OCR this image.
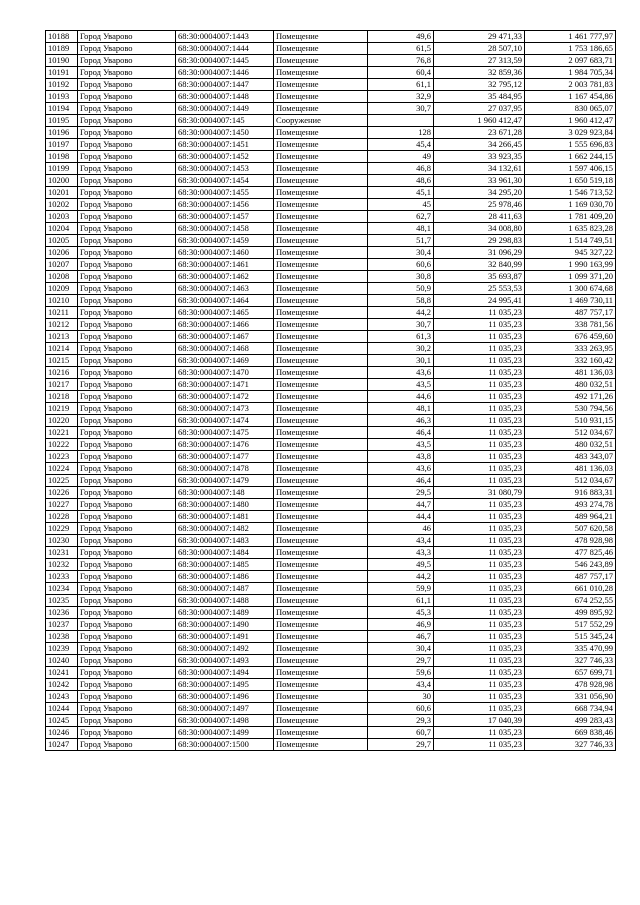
10188	Город Уварово	68:30:0004007:1443	Помещение	49,6	29 471,33	1 461 777,97
10189	Город Уварово	68:30:0004007:1444	Помещение	61,5	28 507,10	1 753 186,65
10190	Город Уварово	68:30:0004007:1445	Помещение	76,8	27 313,59	2 097 683,71
10191	Город Уварово	68:30:0004007:1446	Помещение	60,4	32 859,36	1 984 705,34
10192	Город Уварово	68:30:0004007:1447	Помещение	61,1	32 795,12	2 003 781,83
10193	Город Уварово	68:30:0004007:1448	Помещение	32,9	35 484,95	1 167 454,86
10194	Город Уварово	68:30:0004007:1449	Помещение	30,7	27 037,95	830 065,07
10195	Город Уварово	68:30:0004007:145	Сооружение		1 960 412,47	1 960 412,47
10196	Город Уварово	68:30:0004007:1450	Помещение	128	23 671,28	3 029 923,84
10197	Город Уварово	68:30:0004007:1451	Помещение	45,4	34 266,45	1 555 696,83
10198	Город Уварово	68:30:0004007:1452	Помещение	49	33 923,35	1 662 244,15
10199	Город Уварово	68:30:0004007:1453	Помещение	46,8	34 132,61	1 597 406,15
10200	Город Уварово	68:30:0004007:1454	Помещение	48,6	33 961,30	1 650 519,18
10201	Город Уварово	68:30:0004007:1455	Помещение	45,1	34 295,20	1 546 713,52
10202	Город Уварово	68:30:0004007:1456	Помещение	45	25 978,46	1 169 030,70
10203	Город Уварово	68:30:0004007:1457	Помещение	62,7	28 411,63	1 781 409,20
10204	Город Уварово	68:30:0004007:1458	Помещение	48,1	34 008,80	1 635 823,28
10205	Город Уварово	68:30:0004007:1459	Помещение	51,7	29 298,83	1 514 749,51
10206	Город Уварово	68:30:0004007:1460	Помещение	30,4	31 096,29	945 327,22
10207	Город Уварово	68:30:0004007:1461	Помещение	60,6	32 840,99	1 990 163,99
10208	Город Уварово	68:30:0004007:1462	Помещение	30,8	35 693,87	1 099 371,20
10209	Город Уварово	68:30:0004007:1463	Помещение	50,9	25 553,53	1 300 674,68
10210	Город Уварово	68:30:0004007:1464	Помещение	58,8	24 995,41	1 469 730,11
10211	Город Уварово	68:30:0004007:1465	Помещение	44,2	11 035,23	487 757,17
10212	Город Уварово	68:30:0004007:1466	Помещение	30,7	11 035,23	338 781,56
10213	Город Уварово	68:30:0004007:1467	Помещение	61,3	11 035,23	676 459,60
10214	Город Уварово	68:30:0004007:1468	Помещение	30,2	11 035,23	333 263,95
10215	Город Уварово	68:30:0004007:1469	Помещение	30,1	11 035,23	332 160,42
10216	Город Уварово	68:30:0004007:1470	Помещение	43,6	11 035,23	481 136,03
10217	Город Уварово	68:30:0004007:1471	Помещение	43,5	11 035,23	480 032,51
10218	Город Уварово	68:30:0004007:1472	Помещение	44,6	11 035,23	492 171,26
10219	Город Уварово	68:30:0004007:1473	Помещение	48,1	11 035,23	530 794,56
10220	Город Уварово	68:30:0004007:1474	Помещение	46,3	11 035,23	510 931,15
10221	Город Уварово	68:30:0004007:1475	Помещение	46,4	11 035,23	512 034,67
10222	Город Уварово	68:30:0004007:1476	Помещение	43,5	11 035,23	480 032,51
10223	Город Уварово	68:30:0004007:1477	Помещение	43,8	11 035,23	483 343,07
10224	Город Уварово	68:30:0004007:1478	Помещение	43,6	11 035,23	481 136,03
10225	Город Уварово	68:30:0004007:1479	Помещение	46,4	11 035,23	512 034,67
10226	Город Уварово	68:30:0004007:148	Помещение	29,5	31 080,79	916 883,31
10227	Город Уварово	68:30:0004007:1480	Помещение	44,7	11 035,23	493 274,78
10228	Город Уварово	68:30:0004007:1481	Помещение	44,4	11 035,23	489 964,21
10229	Город Уварово	68:30:0004007:1482	Помещение	46	11 035,23	507 620,58
10230	Город Уварово	68:30:0004007:1483	Помещение	43,4	11 035,23	478 928,98
10231	Город Уварово	68:30:0004007:1484	Помещение	43,3	11 035,23	477 825,46
10232	Город Уварово	68:30:0004007:1485	Помещение	49,5	11 035,23	546 243,89
10233	Город Уварово	68:30:0004007:1486	Помещение	44,2	11 035,23	487 757,17
10234	Город Уварово	68:30:0004007:1487	Помещение	59,9	11 035,23	661 010,28
10235	Город Уварово	68:30:0004007:1488	Помещение	61,1	11 035,23	674 252,55
10236	Город Уварово	68:30:0004007:1489	Помещение	45,3	11 035,23	499 895,92
10237	Город Уварово	68:30:0004007:1490	Помещение	46,9	11 035,23	517 552,29
10238	Город Уварово	68:30:0004007:1491	Помещение	46,7	11 035,23	515 345,24
10239	Город Уварово	68:30:0004007:1492	Помещение	30,4	11 035,23	335 470,99
10240	Город Уварово	68:30:0004007:1493	Помещение	29,7	11 035,23	327 746,33
10241	Город Уварово	68:30:0004007:1494	Помещение	59,6	11 035,23	657 699,71
10242	Город Уварово	68:30:0004007:1495	Помещение	43,4	11 035,23	478 928,98
10243	Город Уварово	68:30:0004007:1496	Помещение	30	11 035,23	331 056,90
10244	Город Уварово	68:30:0004007:1497	Помещение	60,6	11 035,23	668 734,94
10245	Город Уварово	68:30:0004007:1498	Помещение	29,3	17 040,39	499 283,43
10246	Город Уварово	68:30:0004007:1499	Помещение	60,7	11 035,23	669 838,46
10247	Город Уварово	68:30:0004007:1500	Помещение	29,7	11 035,23	327 746,33
